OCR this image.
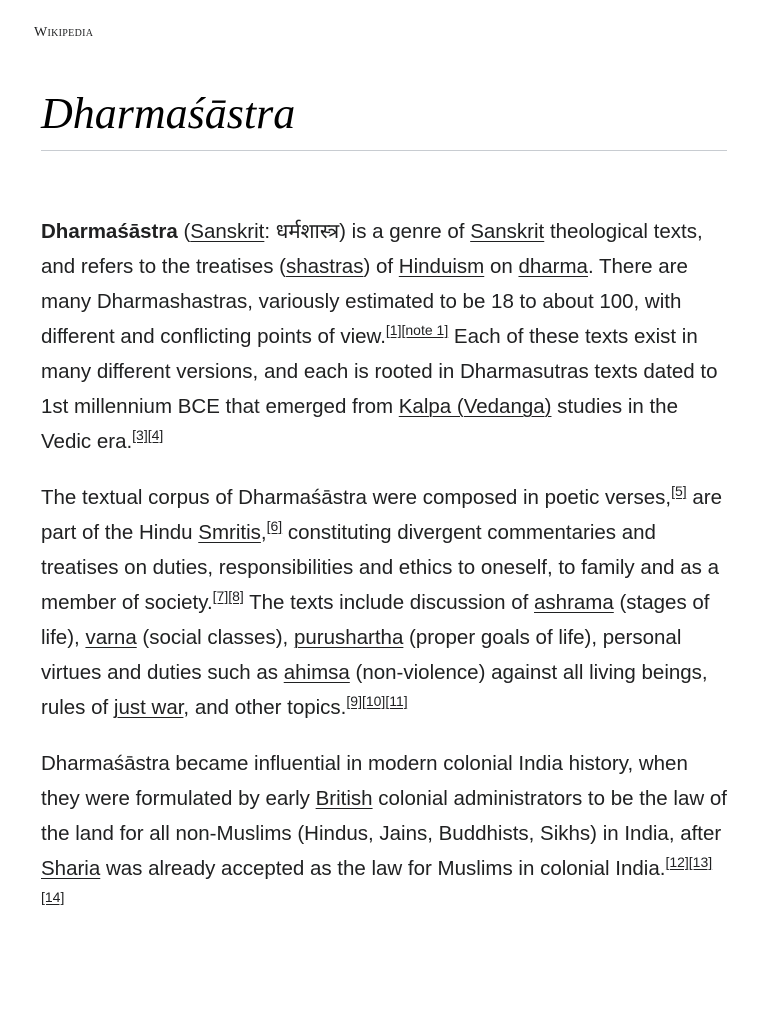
Wikipedia
Dharmaśāstra

Dharmaśāstra (Sanskrit: धर्मशास्त्र) is a genre of Sanskrit theological texts, and refers to the treatises (shastras) of Hinduism on dharma. There are many Dharmashastras, variously estimated to be 18 to about 100, with different and conflicting points of view.[1][note 1] Each of these texts exist in many different versions, and each is rooted in Dharmasutras texts dated to 1st millennium BCE that emerged from Kalpa (Vedanga) studies in the Vedic era.[3][4]

The textual corpus of Dharmaśāstra were composed in poetic verses,[5] are part of the Hindu Smritis,[6] constituting divergent commentaries and treatises on duties, responsibilities and ethics to oneself, to family and as a member of society.[7][8] The texts include discussion of ashrama (stages of life), varna (social classes), purushartha (proper goals of life), personal virtues and duties such as ahimsa (non-violence) against all living beings, rules of just war, and other topics.[9][10][11]

Dharmaśāstra became influential in modern colonial India history, when they were formulated by early British colonial administrators to be the law of the land for all non-Muslims (Hindus, Jains, Buddhists, Sikhs) in India, after Sharia was already accepted as the law for Muslims in colonial India.[12][13][14]
